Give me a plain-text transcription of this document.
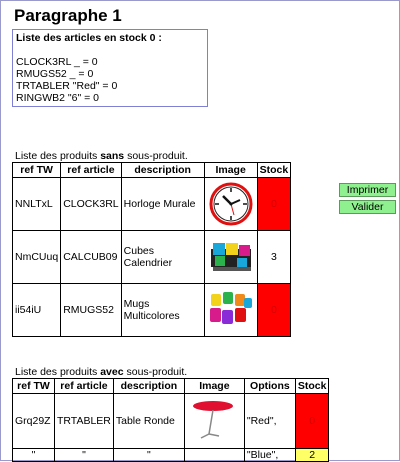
Paragraphe 1
Liste des articles en stock 0 :
CLOCK3RL _ = 0
RMUGS52 _ = 0
TRTABLER "Red" = 0
RINGWB2 "6" = 0
Liste des produits sans sous-produit.
ref TW	ref article	description	Image	Stock
NNLTxL	CLOCK3RL	Horloge Murale		0
NmCUuq	CALCUB09	Cubes Calendrier		3
ii54iU	RMUGS52	Mugs Multicolores		0
Imprimer
Valider
Liste des produits avec sous-produit.
ref TW	ref article	description	Image	Options	Stock
Grq29Z	TRTABLER	Table Ronde		"Red",	0
"	"	"		"Blue",	2
